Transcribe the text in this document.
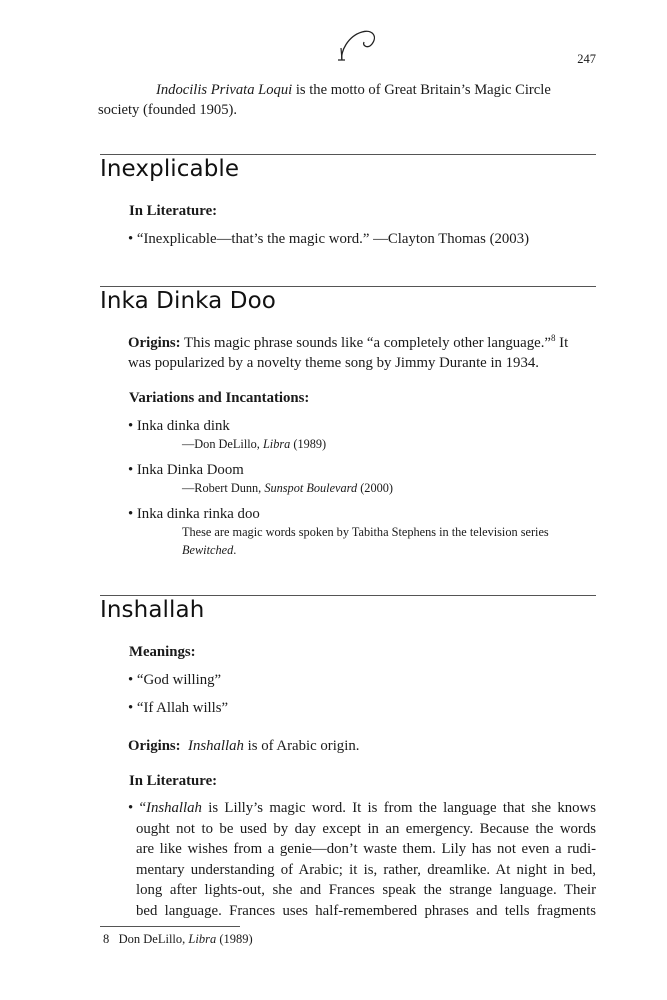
247
Indocilis Privata Loqui is the motto of Great Britain’s Magic Circle
society (founded 1905).
Inexplicable
In Literature:
• “Inexplicable—that’s the magic word.” —Clayton Thomas (2003)
Inka Dinka Doo
Origins: This magic phrase sounds like “a completely other language.”$^8$ It
was popularized by a novelty theme song by Jimmy Durante in 1934.
Variations and Incantations:
• Inka dinka dink
—Don DeLillo, Libra (1989)
• Inka Dinka Doom
—Robert Dunn, Sunspot Boulevard (2000)
• Inka dinka rinka doo
These are magic words spoken by Tabitha Stephens in the television series
Bewitched.
Inshallah
Meanings:
• “God willing”
• “If Allah wills”
Origins: Inshallah is of Arabic origin.
In Literature:
• “Inshallah is Lilly’s magic word. It is from the language that she knows
ought not to be used by day except in an emergency. Because the words
are like wishes from a genie—don’t waste them. Lily has not even a rudi-
mentary understanding of Arabic; it is, rather, dreamlike. At night in bed,
long after lights-out, she and Frances speak the strange language. Their
bed language. Frances uses half-remembered phrases and tells fragments
8 Don DeLillo, Libra (1989)
